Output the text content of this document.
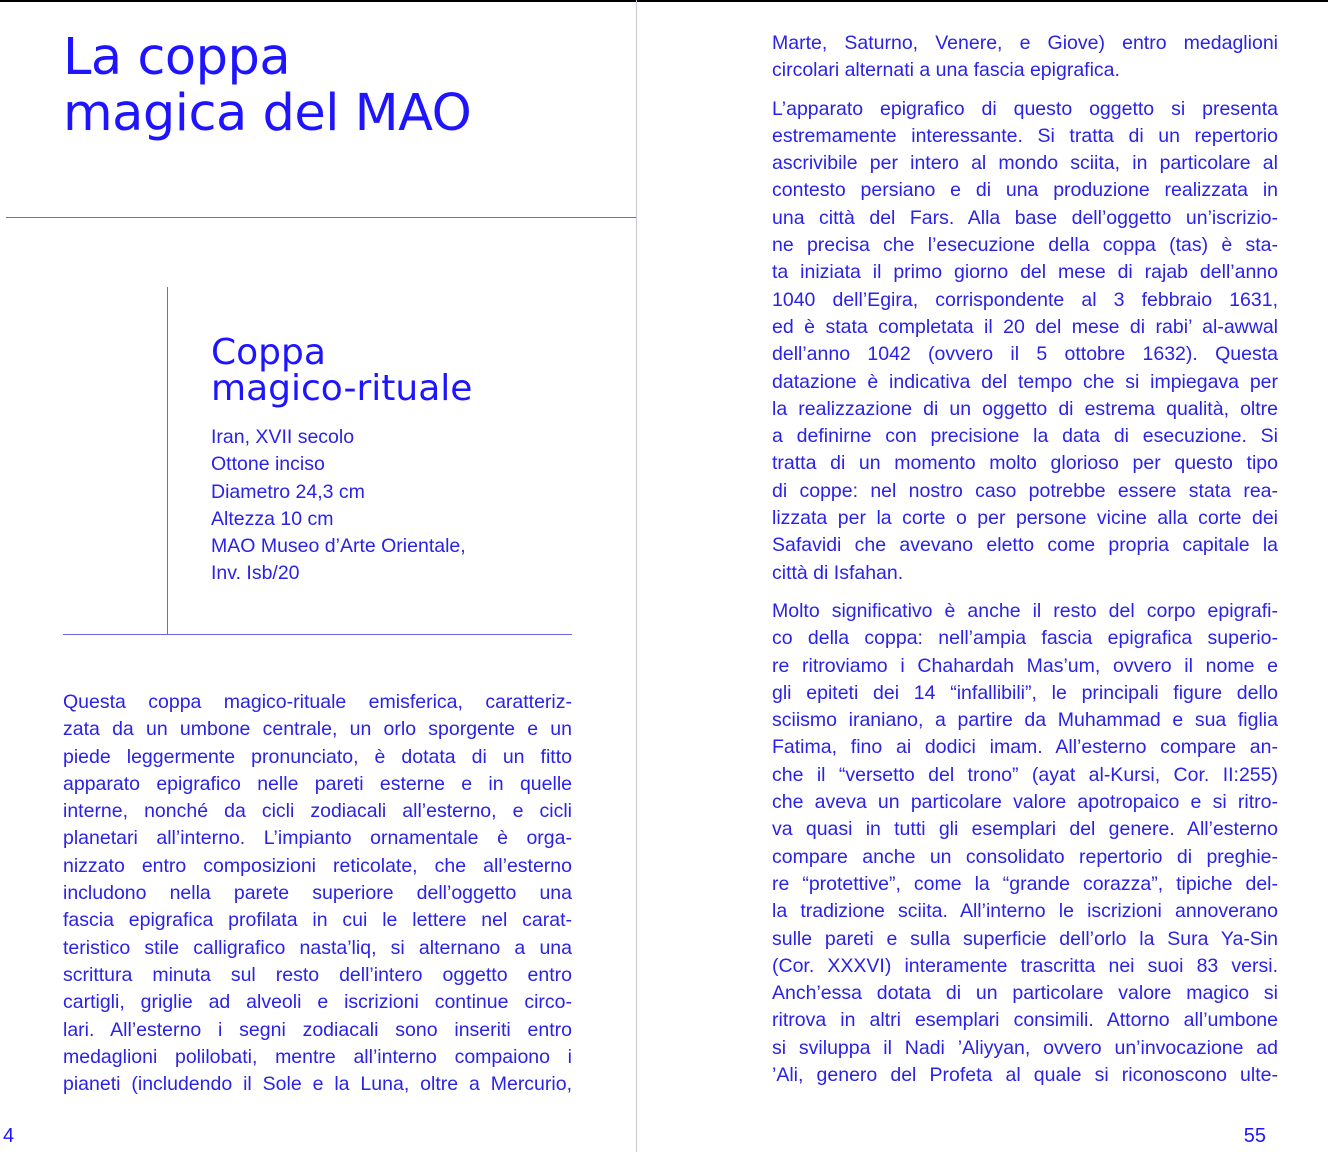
La coppa
magica del MAO
Coppa
magico-rituale
Iran, XVII secolo
Ottone inciso
Diametro 24,3 cm
Altezza 10 cm
MAO Museo d’Arte Orientale,
Inv. Isb/20

Questa coppa magico-rituale emisferica, caratteriz-
zata da un umbone centrale, un orlo sporgente e un
piede leggermente pronunciato, è dotata di un fitto
apparato epigrafico nelle pareti esterne e in quelle
interne, nonché da cicli zodiacali all’esterno, e cicli
planetari all’interno. L’impianto ornamentale è orga-
nizzato entro composizioni reticolate, che all’esterno
includono nella parete superiore dell’oggetto una
fascia epigrafica profilata in cui le lettere nel carat-
teristico stile calligrafico nasta’liq, si alternano a una
scrittura minuta sul resto dell’intero oggetto entro
cartigli, griglie ad alveoli e iscrizioni continue circo-
lari. All’esterno i segni zodiacali sono inseriti entro
medaglioni polilobati, mentre all’interno compaiono i
pianeti (includendo il Sole e la Luna, oltre a Mercurio,

4

Marte, Saturno, Venere, e Giove) entro medaglioni
circolari alternati a una fascia epigrafica.

L’apparato epigrafico di questo oggetto si presenta
estremamente interessante. Si tratta di un repertorio
ascrivibile per intero al mondo sciita, in particolare al
contesto persiano e di una produzione realizzata in
una città del Fars. Alla base dell’oggetto un’iscrizio-
ne precisa che l’esecuzione della coppa (tas) è sta-
ta iniziata il primo giorno del mese di rajab dell’anno
1040 dell’Egira, corrispondente al 3 febbraio 1631,
ed è stata completata il 20 del mese di rabi’ al-awwal
dell’anno 1042 (ovvero il 5 ottobre 1632). Questa
datazione è indicativa del tempo che si impiegava per
la realizzazione di un oggetto di estrema qualità, oltre
a definirne con precisione la data di esecuzione. Si
tratta di un momento molto glorioso per questo tipo
di coppe: nel nostro caso potrebbe essere stata rea-
lizzata per la corte o per persone vicine alla corte dei
Safavidi che avevano eletto come propria capitale la
città di Isfahan.

Molto significativo è anche il resto del corpo epigrafi-
co della coppa: nell’ampia fascia epigrafica superio-
re ritroviamo i Chahardah Mas’um, ovvero il nome e
gli epiteti dei 14 “infallibili”, le principali figure dello
sciismo iraniano, a partire da Muhammad e sua figlia
Fatima, fino ai dodici imam. All’esterno compare an-
che il “versetto del trono” (ayat al-Kursi, Cor. II:255)
che aveva un particolare valore apotropaico e si ritro-
va quasi in tutti gli esemplari del genere. All’esterno
compare anche un consolidato repertorio di preghie-
re “protettive”, come la “grande corazza”, tipiche del-
la tradizione sciita. All’interno le iscrizioni annoverano
sulle pareti e sulla superficie dell’orlo la Sura Ya-Sin
(Cor. XXXVI) interamente trascritta nei suoi 83 versi.
Anch’essa dotata di un particolare valore magico si
ritrova in altri esemplari consimili. Attorno all’umbone
si sviluppa il Nadi ’Aliyyan, ovvero un’invocazione ad
’Ali, genero del Profeta al quale si riconoscono ulte-

55
